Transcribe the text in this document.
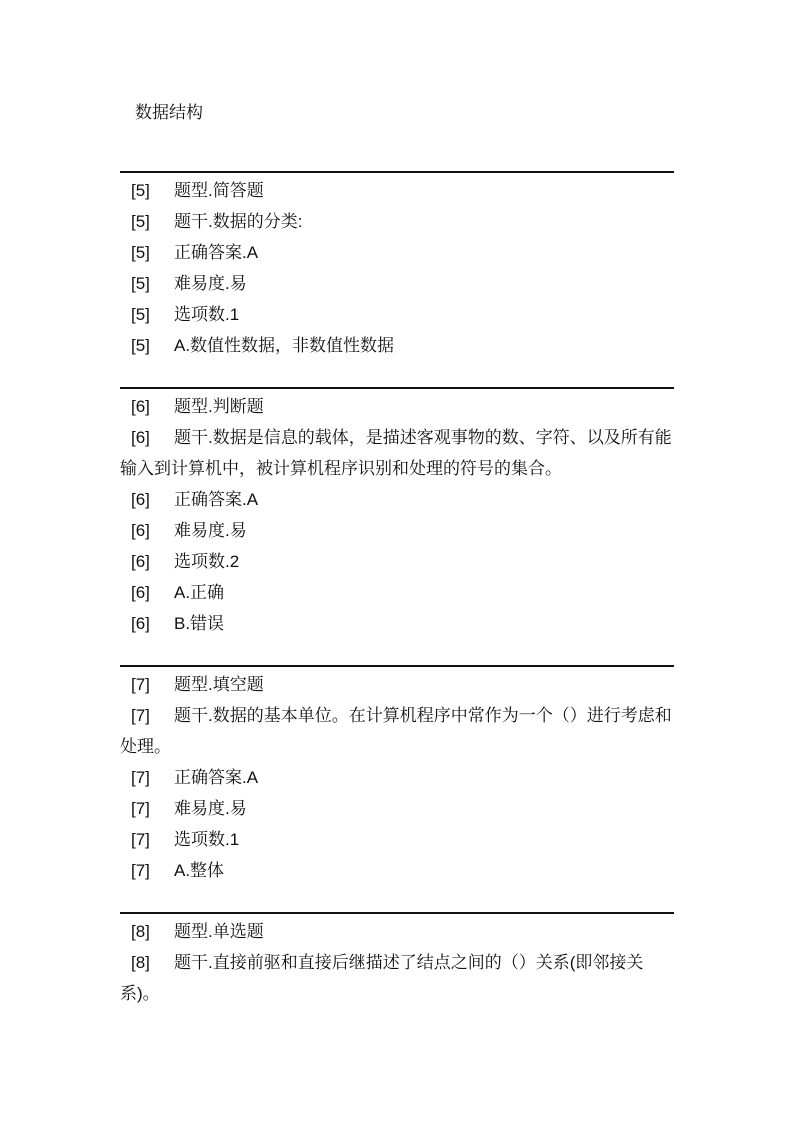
数据结构
[5] 题型.简答题
[5] 题干.数据的分类:
[5] 正确答案.A
[5] 难易度.易
[5] 选项数.1
[5] A.数值性数据，非数值性数据
[6] 题型.判断题
[6] 题干.数据是信息的载体，是描述客观事物的数、字符、以及所有能输入到计算机中，被计算机程序识别和处理的符号的集合。
[6] 正确答案.A
[6] 难易度.易
[6] 选项数.2
[6] A.正确
[6] B.错误
[7] 题型.填空题
[7] 题干.数据的基本单位。在计算机程序中常作为一个（）进行考虑和处理。
[7] 正确答案.A
[7] 难易度.易
[7] 选项数.1
[7] A.整体
[8] 题型.单选题
[8] 题干.直接前驱和直接后继描述了结点之间的（）关系(即邻接关系)。
